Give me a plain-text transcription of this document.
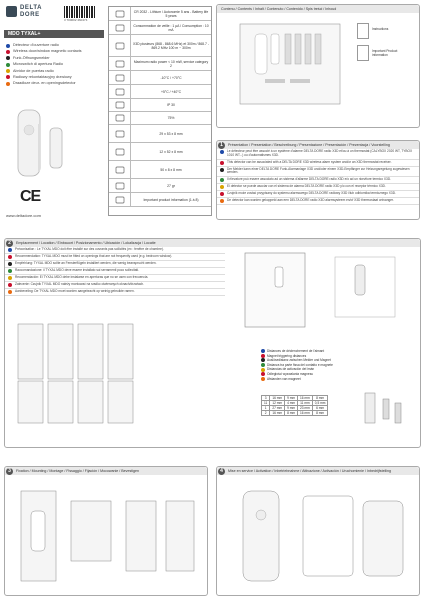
DELTA
DORE
3 700002 460474
MDO TYXAL+
Détecteur d'ouverture radio
Wireless door/window magnetic contacts
Funk-Öffnungsmelder
Microswitch di apertura Radio
Abridor de puertas radio
Radiowy rekontaktacyjny drzwiowy
Draadloze deur- en openingsdetector
CE
www.deltadore.com
CR 2032 - Lithium / Autonomie 5 ans - Battery life 5 years
Consommation de veille : 1 µA / Consumption : 10 mA
X3D plusieurs (868 - 868.6 MHz) et 300m / 868.7 - 869.2 MHz 100 m ~ 300m
Maximum radio power < 10 mW, service category 2
-10°C / +70°C
+5°C / +40°C
IP 30
75%
29 x 53 x 8 mm
12 x 52 x 8 mm
50 x 8 x 8 mm
27 gr
Important product information (1 à 8)
Contenu / Contents / Inhalt / Contenuto / Contenido / Spis treści / Inhoud
Instructions
Important Product information
1	Présentation / Presentation / Beschreibung / Presentazione / Presentación / Prezentacja / Voorstelling
Le détecteur peut être associé à un système d'alarme DELTA DORE radio X3D et/ou à un thermostat (CALYBOX 2020 WT, TYBOX 1010 WT...) ou d'automatismes X3D.
This detector can be associated with a DELTA DORE X3D wireless alarm system and/or an X3D thermostat receiver.
Der Melder kann einer DELTA DORE Funk-Alarmanlage X3D und/oder einem X3D-Empfänger zur Heizungsregelung zugewiesen werden.
Il rilevatore può essere associato ad un sistema d'allarme DELTA DORE radio X3D e/o ad un ricevitore termico X3D.
El detector se puede asociar con el sistema de alarma DELTA DORE radio X3D y/o con el receptor térmico X3D.
Czujnik może zostać przypisany do systemu alarmowego DELTA DORE radiowy X3D i/lub odbiornika termicznego X3D.
De detector kan worden gekoppeld aan een DELTA DORE radio X3D alarmsysteem en/of X3D thermostaat ontvanger.
2	Emplacement / Location / Einbauort / Posizionamento / Ubicación / Lokalizacja / Locatie
Préconisation : Le TYXAL MDO doit être installé sur des ouvrants pas sollicités (ex : fenêtre de chambre).
Recommendation: TYXAL MDO must be fitted on openings that are not frequently used (e.g. bedroom window).
Empfehlung: TYXAL MDO sollte an Fensterflügeln installiert werden, die wenig beansprucht werden.
Raccomandazione: il TYXAL MDO deve essere installato sui serramenti poco sollecitati.
Recomendación: El TYXAL MDO debe instalarse en aperturas que no se usen con frecuencia.
Zalecenie: Czujnik TYXAL MDO należy montować na rzadko otwieranych oknach/drzwiach.
Aanbeveling: De TYXAL MDO moet worden aangebracht op weinig gebruikte ramen.
Distances de déclenchement de l'aimant
Magnet triggering distances
Auslösedistanz zwischen Melder und Magnet
Distanza tra parte fissa del contatto e magnete
Distancias de activación del imán
Odległości wyzwalania magnesu
Afstanden van magneet
3	16 mm	9 mm	16 mm	8 mm
11	12 mm	4 mm	11 mm	0,5 mm
1	27 mm	9 mm	23 mm	6 mm
2	16 mm	8 mm	16 mm	8 mm
3	Fixation / Mounting / Montage / Fissaggio / Fijación / Mocowanie / Bevestigen	4	Mise en service / Activation / Inbetriebnahme / Attivazione / Activación / Uruchomienie / Inbedrijfstelling
